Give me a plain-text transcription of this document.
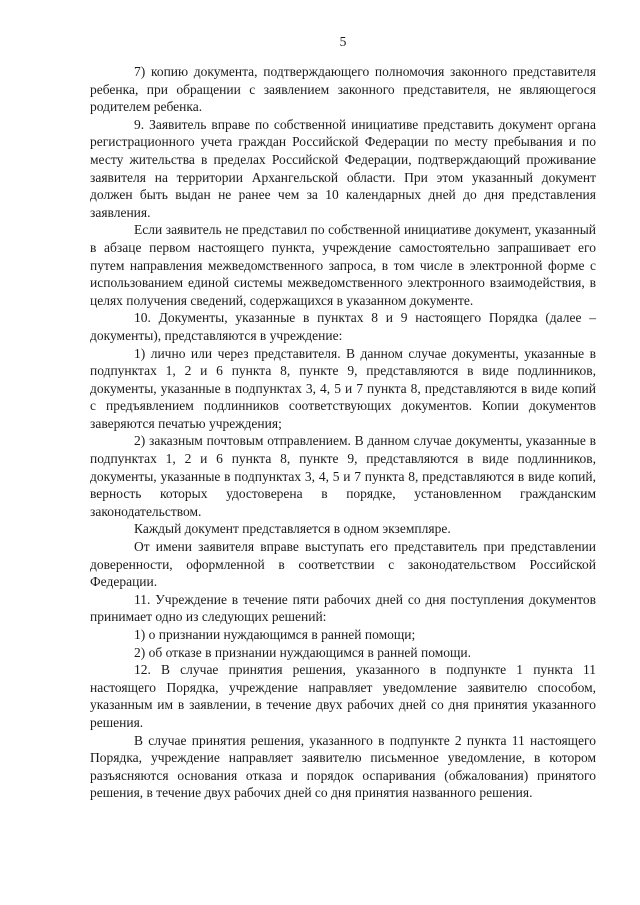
5

7) копию документа, подтверждающего полномочия законного представителя ребенка, при обращении с заявлением законного представителя, не являющегося родителем ребенка.

9. Заявитель вправе по собственной инициативе представить документ органа регистрационного учета граждан Российской Федерации по месту пребывания и по месту жительства в пределах Российской Федерации, подтверждающий проживание заявителя на территории Архангельской области. При этом указанный документ должен быть выдан не ранее чем за 10 календарных дней до дня представления заявления.

Если заявитель не представил по собственной инициативе документ, указанный в абзаце первом настоящего пункта, учреждение самостоятельно запрашивает его путем направления межведомственного запроса, в том числе в электронной форме с использованием единой системы межведомственного электронного взаимодействия, в целях получения сведений, содержащихся в указанном документе.

10. Документы, указанные в пунктах 8 и 9 настоящего Порядка (далее – документы), представляются в учреждение:

1) лично или через представителя. В данном случае документы, указанные в подпунктах 1, 2 и 6 пункта 8, пункте 9, представляются в виде подлинников, документы, указанные в подпунктах 3, 4, 5 и 7 пункта 8, представляются в виде копий с предъявлением подлинников соответствующих документов. Копии документов заверяются печатью учреждения;

2) заказным почтовым отправлением. В данном случае документы, указанные в подпунктах 1, 2 и 6 пункта 8, пункте 9, представляются в виде подлинников, документы, указанные в подпунктах 3, 4, 5 и 7 пункта 8, представляются в виде копий, верность которых удостоверена в порядке, установленном гражданским законодательством.

Каждый документ представляется в одном экземпляре.

От имени заявителя вправе выступать его представитель при представлении доверенности, оформленной в соответствии с законодательством Российской Федерации.

11. Учреждение в течение пяти рабочих дней со дня поступления документов принимает одно из следующих решений:

1) о признании нуждающимся в ранней помощи;

2) об отказе в признании нуждающимся в ранней помощи.

12. В случае принятия решения, указанного в подпункте 1 пункта 11 настоящего Порядка, учреждение направляет уведомление заявителю способом, указанным им в заявлении, в течение двух рабочих дней со дня принятия указанного решения.

В случае принятия решения, указанного в подпункте 2 пункта 11 настоящего Порядка, учреждение направляет заявителю письменное уведомление, в котором разъясняются основания отказа и порядок оспаривания (обжалования) принятого решения, в течение двух рабочих дней со дня принятия названного решения.
